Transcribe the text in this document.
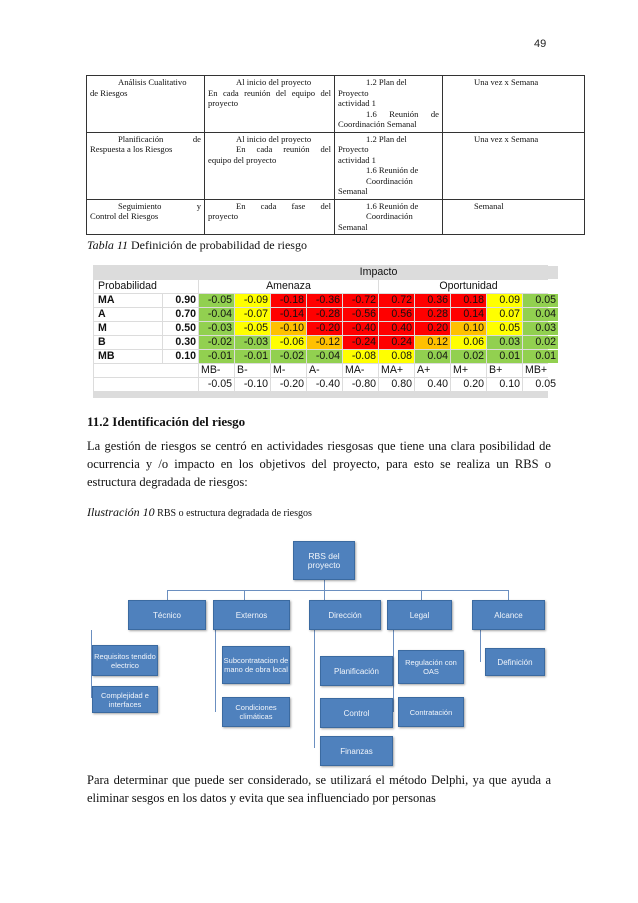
49
Análisis Cualitativo
de Riesgos	Al inicio del proyecto
En cada reunión del equipo del proyecto	1.2 Plan del Proyecto
actividad 1
1.6 Reunión de
Coordinación Semanal	Una vez x Semana

Planificación de
Respuesta a los Riesgos	Al inicio del proyecto
En cada reunión del
equipo del proyecto	1.2 Plan del Proyecto
actividad 1
1.6 Reunión de Coordinación
Semanal	Una vez x Semana

Seguimiento y
Control del Riesgos	En cada fase del
proyecto	1.6 Reunión de Coordinación
Semanal	Semanal
Tabla 11 Definición de probabilidad de riesgo
		Impacto									
Probabilidad		Amenaza					Oportunidad				
MA	0.90	-0.05	-0.09	-0.18	-0.36	-0.72	0.72	0.36	0.18	0.09	0.05
A	0.70	-0.04	-0.07	-0.14	-0.28	-0.56	0.56	0.28	0.14	0.07	0.04
M	0.50	-0.03	-0.05	-0.10	-0.20	-0.40	0.40	0.20	0.10	0.05	0.03
B	0.30	-0.02	-0.03	-0.06	-0.12	-0.24	0.24	0.12	0.06	0.03	0.02
MB	0.10	-0.01	-0.01	-0.02	-0.04	-0.08	0.08	0.04	0.02	0.01	0.01
		MB-	B-	M-	A-	MA-	MA+	A+	M+	B+	MB+
		-0.05	-0.10	-0.20	-0.40	-0.80	0.80	0.40	0.20	0.10	0.05
11.2 Identificación del riesgo
La gestión de riesgos se centró en actividades riesgosas que tiene una clara posibilidad de ocurrencia y /o impacto en los objetivos del proyecto, para esto se realiza un RBS o estructura degradada de riesgos:
Ilustración 10 RBS o estructura degradada de riesgos
RBS del proyecto
Técnico	Externos	Dirección	Legal	Alcance
Requisitos tendido electrico
Complejidad e interfaces
Subcontratacion de mano de obra local
Condiciones climáticas
Planificación
Control
Finanzas
Regulación con OAS
Contratación
Definición
Para determinar que puede ser considerado, se utilizará el método Delphi, ya que ayuda a eliminar sesgos en los datos y evita que sea influenciado por personas
